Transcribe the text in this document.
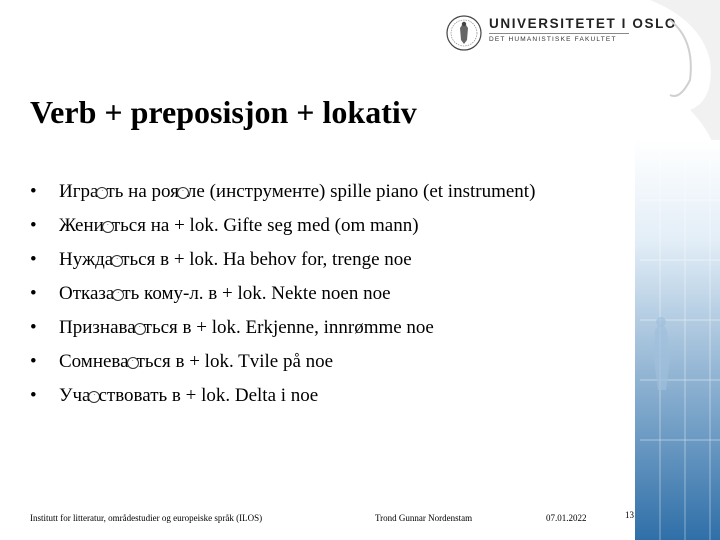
UNIVERSITETET I OSLO
DET HUMANISTISKE FAKULTET
Verb + preposisjon + lokativ
• Игра ´ ть на роя ´ ле (инструменте) spille piano (et instrument)
• Жени ´ ться на + lok. Gifte seg med (om mann)
• Нужда ´ ться в + lok. Ha behov for, trenge noe
• Отказа ´ ть кому-л. в + lok. Nekte noen noe
• Признава ´ ться в + lok. Erkjenne, innrømme noe
• Сомнева ´ ться в + lok. Tvile på noe
• Уча ´ ствовать в + lok. Delta i noe
Institutt for litteratur, områdestudier og europeiske språk (ILOS)	Trond Gunnar Nordenstam	07.01.2022	13
